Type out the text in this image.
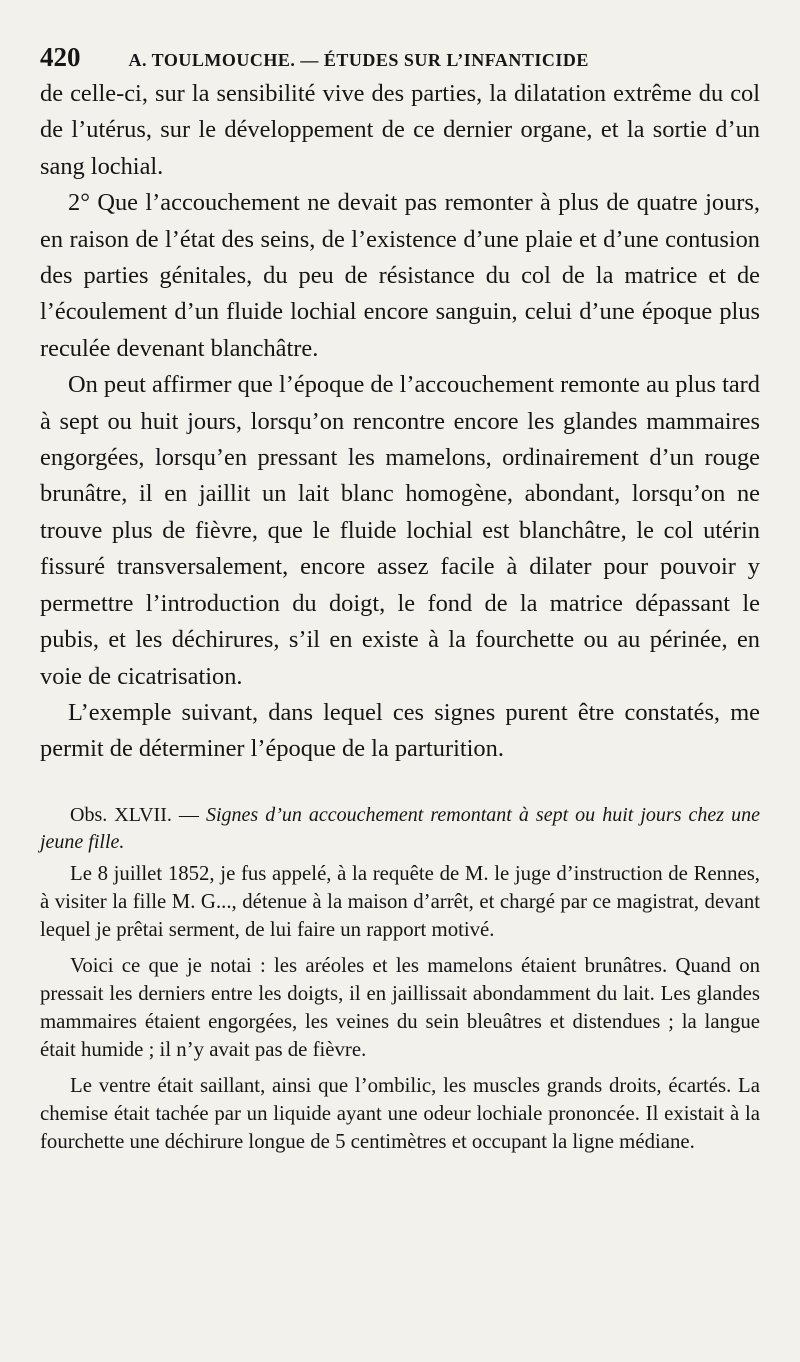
420	A. TOULMOUCHE. — ÉTUDES SUR L’INFANTICIDE

de celle-ci, sur la sensibilité vive des parties, la dilatation extrême du col de l’utérus, sur le développement de ce dernier organe, et la sortie d’un sang lochial.

2° Que l’accouchement ne devait pas remonter à plus de quatre jours, en raison de l’état des seins, de l’existence d’une plaie et d’une contusion des parties génitales, du peu de résistance du col de la matrice et de l’écoulement d’un fluide lochial encore sanguin, celui d’une époque plus reculée devenant blanchâtre.

On peut affirmer que l’époque de l’accouchement remonte au plus tard à sept ou huit jours, lorsqu’on rencontre encore les glandes mammaires engorgées, lorsqu’en pressant les mamelons, ordinairement d’un rouge brunâtre, il en jaillit un lait blanc homogène, abondant, lorsqu’on ne trouve plus de fièvre, que le fluide lochial est blanchâtre, le col utérin fissuré transversalement, encore assez facile à dilater pour pouvoir y permettre l’introduction du doigt, le fond de la matrice dépassant le pubis, et les déchirures, s’il en existe à la fourchette ou au périnée, en voie de cicatrisation.

L’exemple suivant, dans lequel ces signes purent être constatés, me permit de déterminer l’époque de la parturition.

Obs. XLVII. — Signes d’un accouchement remontant à sept ou huit jours chez une jeune fille.

Le 8 juillet 1852, je fus appelé, à la requête de M. le juge d’instruction de Rennes, à visiter la fille M. G..., détenue à la maison d’arrêt, et chargé par ce magistrat, devant lequel je prêtai serment, de lui faire un rapport motivé.

Voici ce que je notai : les aréoles et les mamelons étaient brunâtres. Quand on pressait les derniers entre les doigts, il en jaillissait abondamment du lait. Les glandes mammaires étaient engorgées, les veines du sein bleuâtres et distendues ; la langue était humide ; il n’y avait pas de fièvre.

Le ventre était saillant, ainsi que l’ombilic, les muscles grands droits, écartés. La chemise était tachée par un liquide ayant une odeur lochiale prononcée. Il existait à la fourchette une déchirure longue de 5 centimètres et occupant la ligne médiane.
